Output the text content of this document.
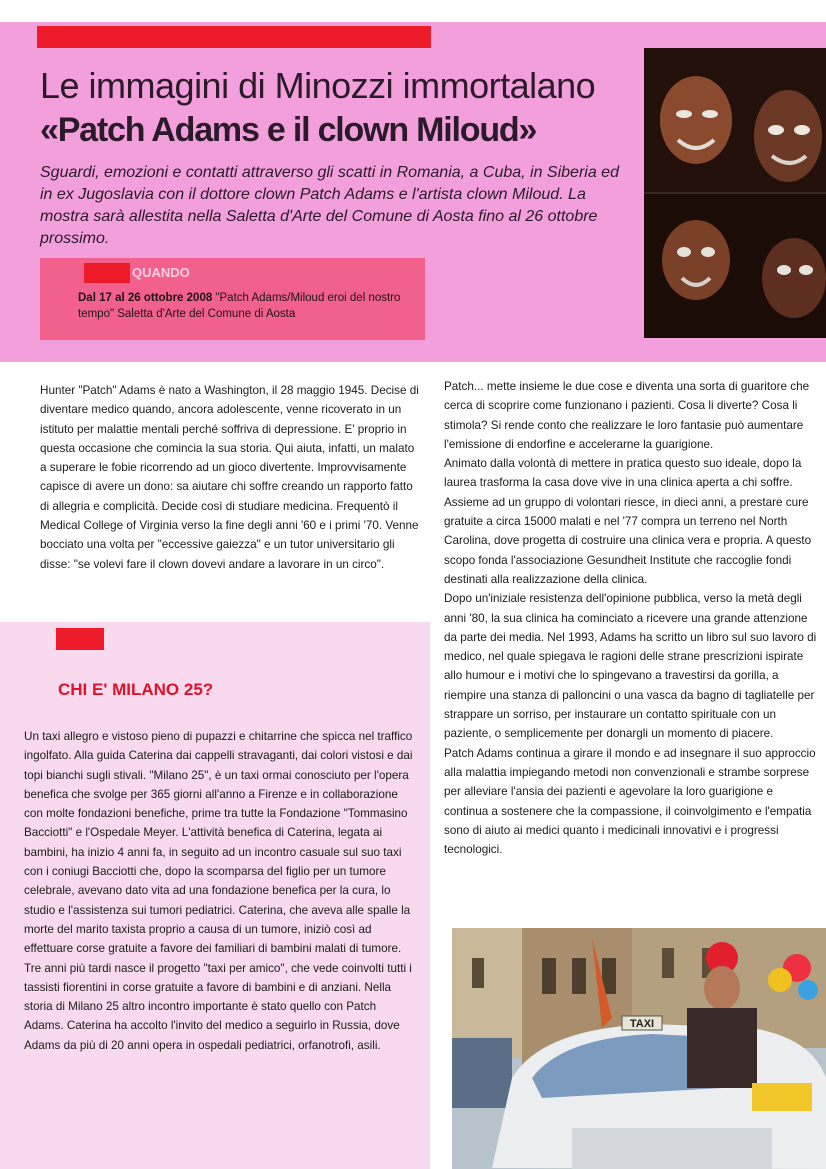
Le immagini di Minozzi immortalano
«Patch Adams e il clown Miloud»
Sguardi, emozioni e contatti attraverso gli scatti in Romania, a Cuba, in Siberia ed in ex Jugoslavia con il dottore clown Patch Adams e l'artista clown Miloud. La mostra sarà allestita nella Saletta d'Arte del Comune di Aosta fino al 26 ottobre prossimo.
QUANDO
Dal 17 al 26 ottobre 2008 "Patch Adams/Miloud eroi del nostro tempo" Saletta d'Arte del Comune di Aosta

Hunter "Patch" Adams è nato a Washington, il 28 maggio 1945. Decise di diventare medico quando, ancora adolescente, venne ricoverato in un istituto per malattie mentali perché soffriva di depressione. E' proprio in questa occasione che comincia la sua storia. Qui aiuta, infatti, un malato a superare le fobie ricorrendo ad un gioco divertente. Improvvisamente capisce di avere un dono: sa aiutare chi soffre creando un rapporto fatto di allegria e complicità. Decide così di studiare medicina. Frequentò il Medical College of Virginia verso la fine degli anni '60 e i primi '70. Venne bocciato una volta per "eccessive gaiezza" e un tutor universitario gli disse: "se volevi fare il clown dovevi andare a lavorare in un circo".

Patch... mette insieme le due cose e diventa una sorta di guaritore che cerca di scoprire come funzionano i pazienti. Cosa li diverte? Cosa li stimola? Si rende conto che realizzare le loro fantasie può aumentare l'emissione di endorfine e accelerarne la guarigione.

Animato dalla volontà di mettere in pratica questo suo ideale, dopo la laurea trasforma la casa dove vive in una clinica aperta a chi soffre. Assieme ad un gruppo di volontari riesce, in dieci anni, a prestare cure gratuite a circa 15000 malati e nel '77 compra un terreno nel North Carolina, dove progetta di costruire una clinica vera e propria. A questo scopo fonda l'associazione Gesundheit Institute che raccoglie fondi destinati alla realizzazione della clinica.

Dopo un'iniziale resistenza dell'opinione pubblica, verso la metà degli anni '80, la sua clinica ha cominciato a ricevere una grande attenzione da parte dei media. Nel 1993, Adams ha scritto un libro sul suo lavoro di medico, nel quale spiegava le ragioni delle strane prescrizioni ispirate allo humour e i motivi che lo spingevano a travestirsi da gorilla, a riempire una stanza di palloncini o una vasca da bagno di tagliatelle per strappare un sorriso, per instaurare un contatto spirituale con un paziente, o semplicemente per donargli un momento di piacere.

Patch Adams continua a girare il mondo e ad insegnare il suo approccio alla malattia impiegando metodi non convenzionali e strambe sorprese per alleviare l'ansia dei pazienti e agevolare la loro guarigione e continua a sostenere che la compassione, il coinvolgimento e l'empatia sono di aiuto ai medici quanto i medicinali innovativi e i progressi tecnologici.

CHI E' MILANO 25?
Un taxi allegro e vistoso pieno di pupazzi e chitarrine che spicca nel traffico ingolfato. Alla guida Caterina dai cappelli stravaganti, dai colori vistosi e dai topi bianchi sugli stivali. "Milano 25", è un taxi ormai conosciuto per l'opera benefica che svolge per 365 giorni all'anno a Firenze e in collaborazione con molte fondazioni benefiche, prime tra tutte la Fondazione "Tommasino Bacciotti" e l'Ospedale Meyer. L'attività benefica di Caterina, legata ai bambini, ha inizio 4 anni fa, in seguito ad un incontro casuale sul suo taxi con i coniugi Bacciotti che, dopo la scomparsa del figlio per un tumore celebrale, avevano dato vita ad una fondazione benefica per la cura, lo studio e l'assistenza sui tumori pediatrici. Caterina, che aveva alle spalle la morte del marito taxista proprio a causa di un tumore, iniziò così ad effettuare corse gratuite a favore dei familiari di bambini malati di tumore. Tre anni più tardi nasce il progetto "taxi per amico", che vede coinvolti tutti i tassisti fiorentini in corse gratuite a favore di bambini e di anziani. Nella storia di Milano 25 altro incontro importante è stato quello con Patch Adams. Caterina ha accolto l'invito del medico a seguirlo in Russia, dove Adams da più di 20 anni opera in ospedali pediatrici, orfanotrofi, asili.
TAXI
